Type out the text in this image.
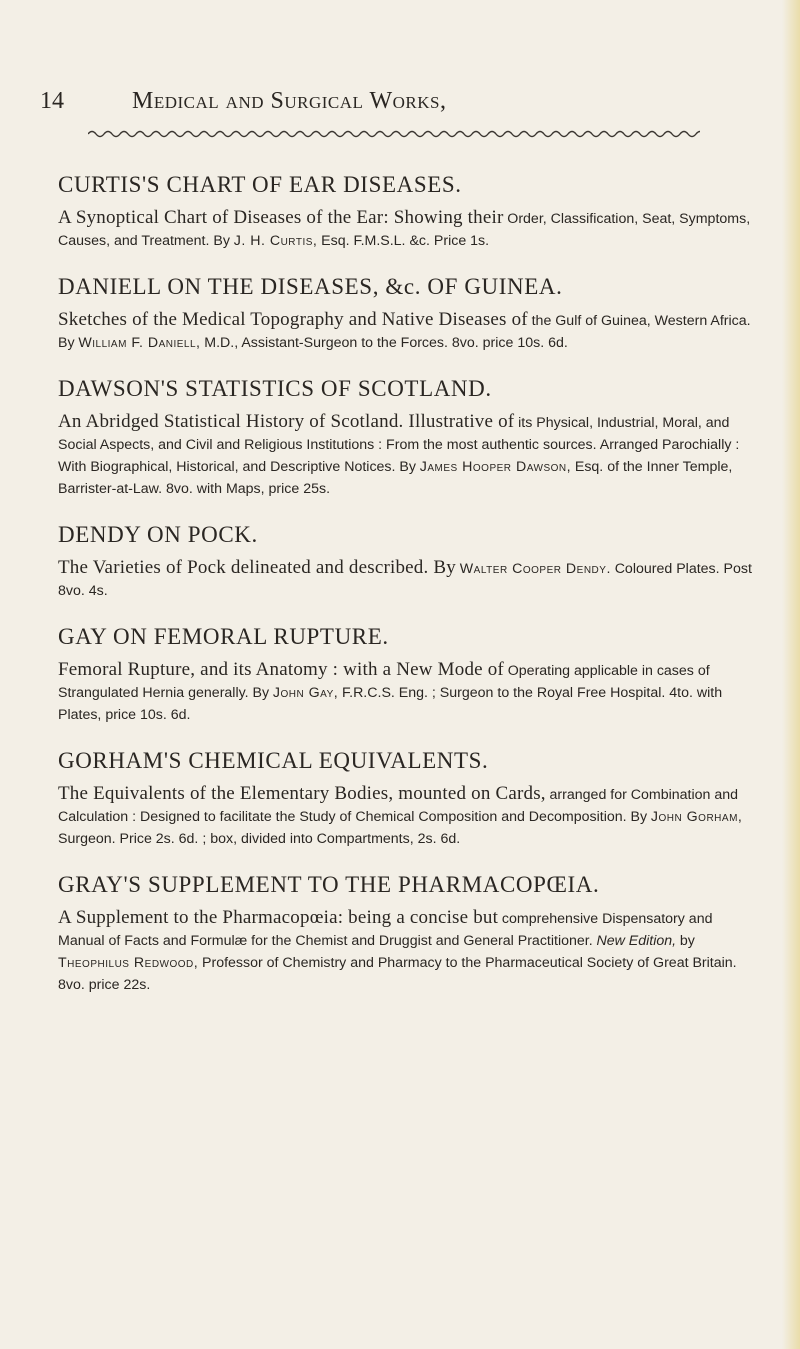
14	Medical and Surgical Works,
CURTIS'S CHART OF EAR DISEASES.

A Synoptical Chart of Diseases of the Ear: Showing their Order, Classification, Seat, Symptoms, Causes, and Treatment. By J. H. Curtis, Esq. F.M.S.L. &c. Price 1s.

DANIELL ON THE DISEASES, &c. OF GUINEA.

Sketches of the Medical Topography and Native Diseases of the Gulf of Guinea, Western Africa. By William F. Daniell, M.D., Assistant-Surgeon to the Forces. 8vo. price 10s. 6d.

DAWSON'S STATISTICS OF SCOTLAND.

An Abridged Statistical History of Scotland. Illustrative of its Physical, Industrial, Moral, and Social Aspects, and Civil and Religious Institutions : From the most authentic sources. Arranged Parochially : With Biographical, Historical, and Descriptive Notices. By James Hooper Dawson, Esq. of the Inner Temple, Barrister-at-Law. 8vo. with Maps, price 25s.

DENDY ON POCK.

The Varieties of Pock delineated and described. By Walter Cooper Dendy. Coloured Plates. Post 8vo. 4s.

GAY ON FEMORAL RUPTURE.

Femoral Rupture, and its Anatomy : with a New Mode of Operating applicable in cases of Strangulated Hernia generally. By John Gay, F.R.C.S. Eng. ; Surgeon to the Royal Free Hospital. 4to. with Plates, price 10s. 6d.

GORHAM'S CHEMICAL EQUIVALENTS.

The Equivalents of the Elementary Bodies, mounted on Cards, arranged for Combination and Calculation : Designed to facilitate the Study of Chemical Composition and Decomposition. By John Gorham, Surgeon. Price 2s. 6d. ; box, divided into Compartments, 2s. 6d.

GRAY'S SUPPLEMENT TO THE PHARMACOPŒIA.

A Supplement to the Pharmacopœia: being a concise but comprehensive Dispensatory and Manual of Facts and Formulæ for the Chemist and Druggist and General Practitioner. New Edition, by Theophilus Redwood, Professor of Chemistry and Pharmacy to the Pharmaceutical Society of Great Britain. 8vo. price 22s.
